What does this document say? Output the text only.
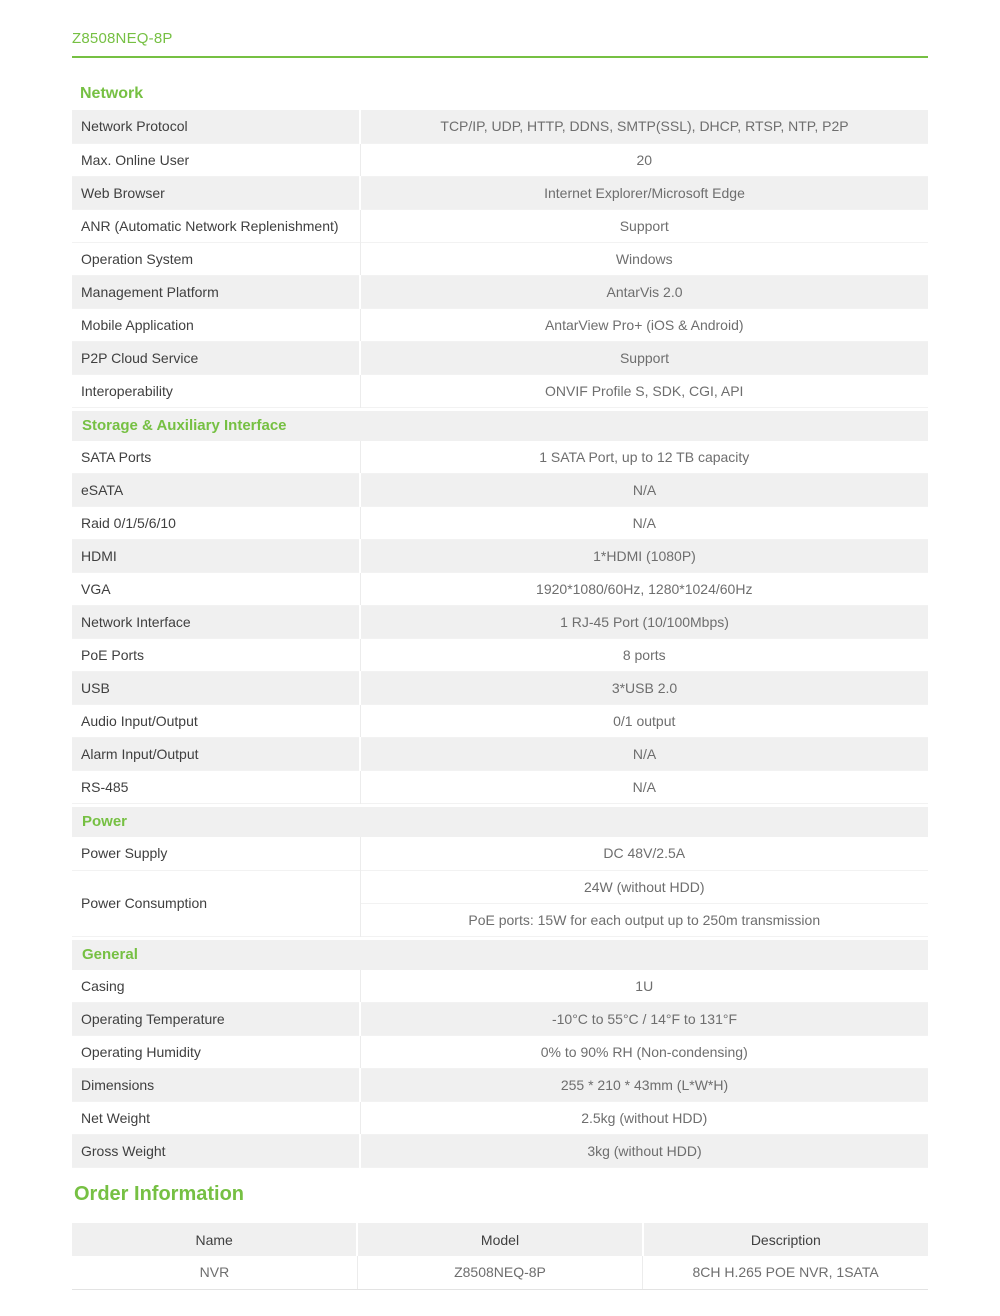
Z8508NEQ-8P
Network
Network Protocol	TCP/IP, UDP, HTTP, DDNS, SMTP(SSL), DHCP, RTSP, NTP, P2P
Max. Online User	20
Web Browser	Internet Explorer/Microsoft Edge
ANR (Automatic Network Replenishment)	Support
Operation System	Windows
Management Platform	AntarVis 2.0
Mobile Application	AntarView Pro+ (iOS & Android)
P2P Cloud Service	Support
Interoperability	ONVIF Profile S, SDK, CGI, API
Storage & Auxiliary Interface
SATA Ports	1 SATA Port, up to 12 TB capacity
eSATA	N/A
Raid 0/1/5/6/10	N/A
HDMI	1*HDMI (1080P)
VGA	1920*1080/60Hz, 1280*1024/60Hz
Network Interface	1 RJ-45 Port (10/100Mbps)
PoE Ports	8 ports
USB	3*USB 2.0
Audio Input/Output	0/1 output
Alarm Input/Output	N/A
RS-485	N/A
Power
Power Supply	DC 48V/2.5A
Power Consumption	24W (without HDD)
	PoE ports: 15W for each output up to 250m transmission
General
Casing	1U
Operating Temperature	-10°C to 55°C / 14°F to 131°F
Operating Humidity	0% to 90% RH (Non-condensing)
Dimensions	255 * 210 * 43mm (L*W*H)
Net Weight	2.5kg (without HDD)
Gross Weight	3kg (without HDD)
Order Information
Name	Model	Description
NVR	Z8508NEQ-8P	8CH H.265 POE NVR, 1SATA
